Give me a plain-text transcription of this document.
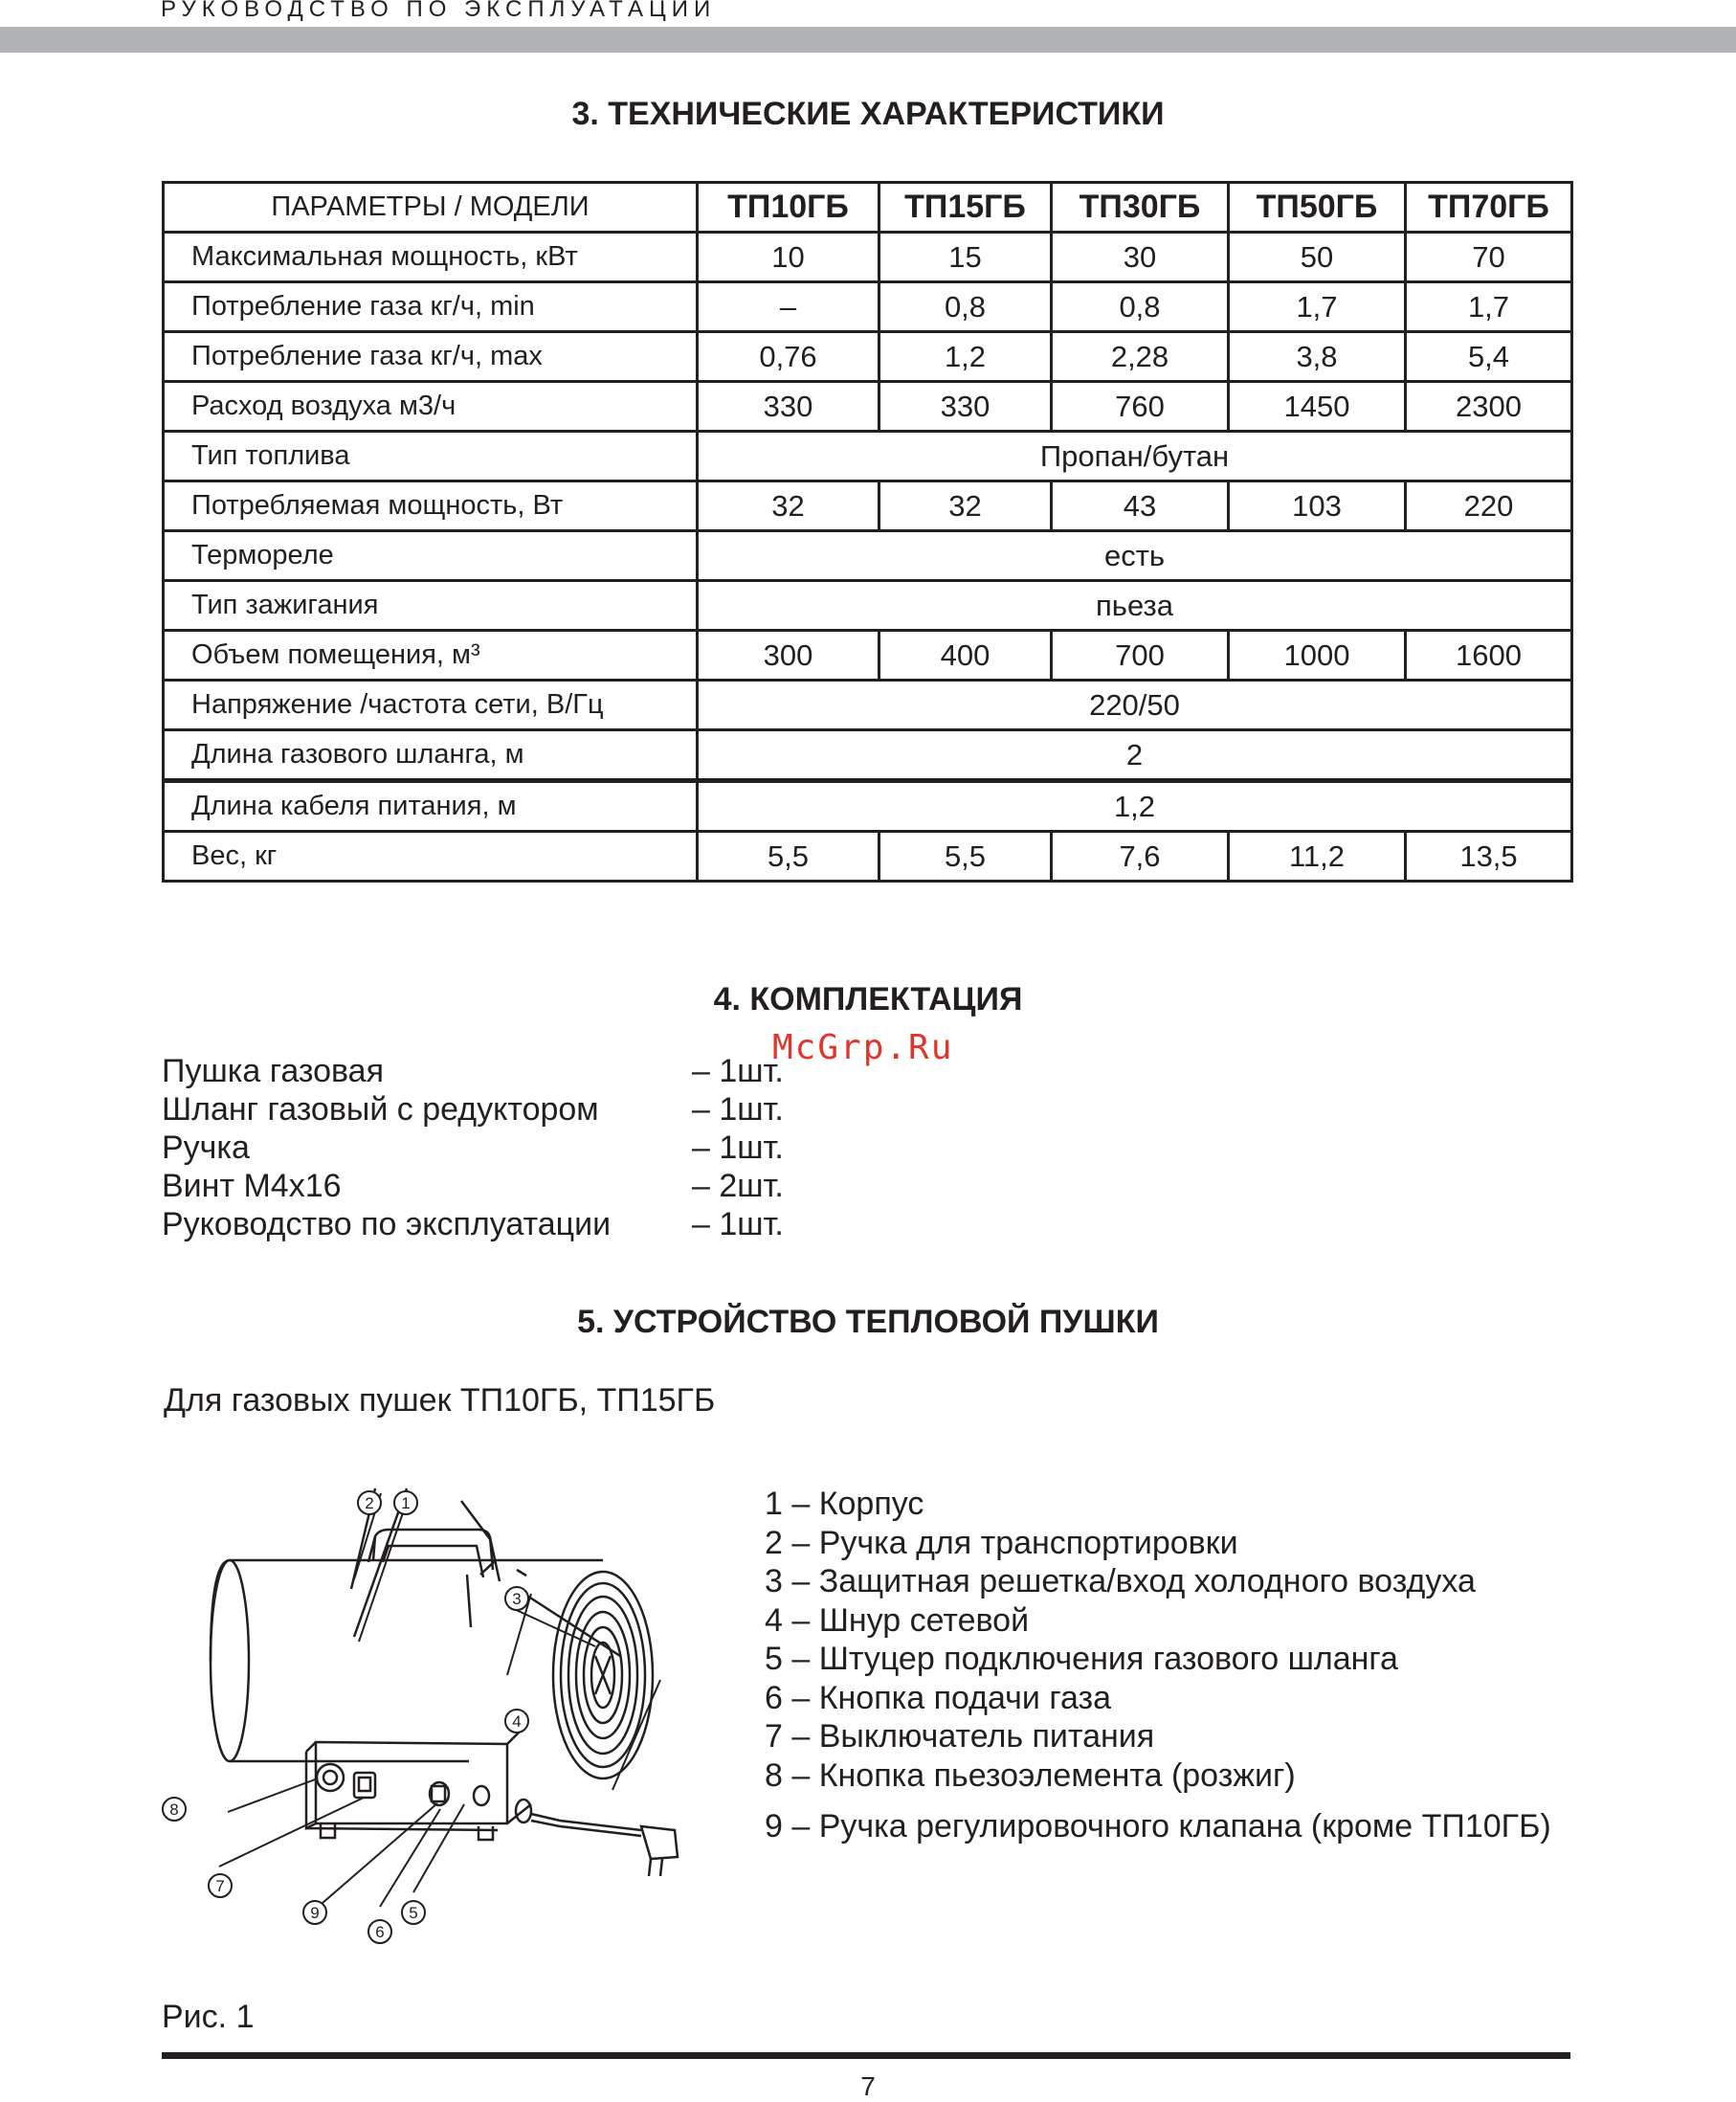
РУКОВОДСТВО ПО ЭКСПЛУАТАЦИИ
3. ТЕХНИЧЕСКИЕ ХАРАКТЕРИСТИКИ
ПАРАМЕТРЫ / МОДЕЛИ	ТП10ГБ	ТП15ГБ	ТП30ГБ	ТП50ГБ	ТП70ГБ
Максимальная мощность, кВт	10	15	30	50	70
Потребление газа кг/ч, min	–	0,8	0,8	1,7	1,7
Потребление газа кг/ч, max	0,76	1,2	2,28	3,8	5,4
Расход воздуха м3/ч	330	330	760	1450	2300
Тип топлива	Пропан/бутан				
Потребляемая мощность, Вт	32	32	43	103	220
Термореле	есть				
Тип зажигания	пьеза				
Объем помещения, м³	300	400	700	1000	1600
Напряжение /частота сети, В/Гц	220/50				
Длина газового шланга, м	2				
Длина кабеля питания, м	1,2				
Вес, кг	5,5	5,5	7,6	11,2	13,5
4. КОМПЛЕКТАЦИЯ
McGrp.Ru
Пушка газовая	– 1шт.
Шланг газовый с редуктором	– 1шт.
Ручка	– 1шт.
Винт М4х16	– 2шт.
Руководство по эксплуатации – 1шт.
5. УСТРОЙСТВО ТЕПЛОВОЙ ПУШКИ
Для газовых пушек ТП10ГБ, ТП15ГБ
1
2
3
4
5
6
7
8
9
1 – Корпус
2 – Ручка для транспортировки
3 – Защитная решетка/вход холодного воздуха
4 – Шнур сетевой
5 – Штуцер подключения газового шланга
6 – Кнопка подачи газа
7 – Выключатель питания
8 – Кнопка пьезоэлемента (розжиг)
9 – Ручка регулировочного клапана (кроме ТП10ГБ)
Рис. 1
7
